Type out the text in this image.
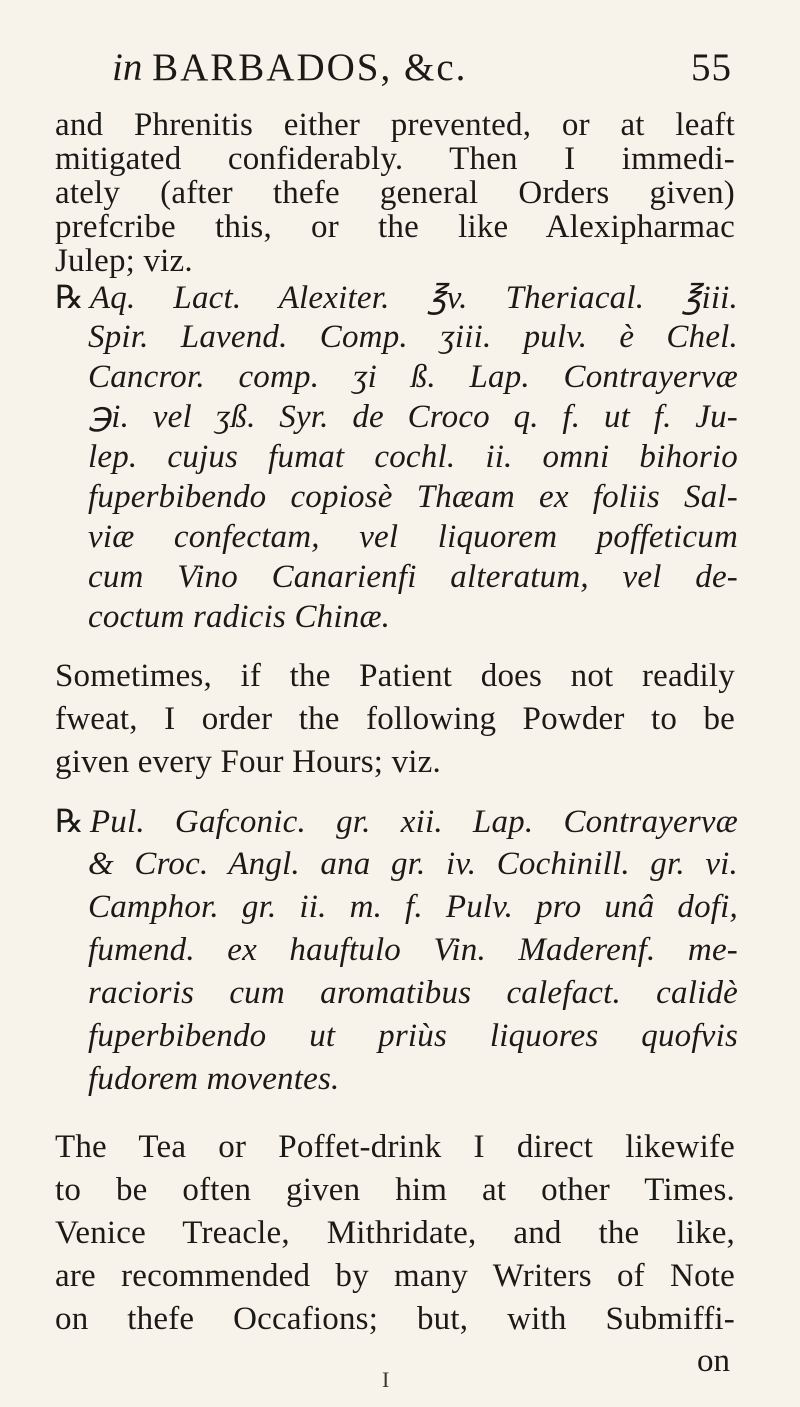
in BARBADOS, &c.	55
and Phrenitis either prevented, or at leaft
mitigated confiderably. Then I immedi-
ately (after thefe general Orders given)
prefcribe this, or the like Alexipharmac
Julep; viz.
℞ Aq. Lact. Alexiter. ℥v. Theriacal. ℥iii.
Spir. Lavend. Comp. ʒiii. pulv. è Chel.
Cancror. comp. ʒi ß. Lap. Contrayervæ
℈i. vel ʒß. Syr. de Croco q. f. ut f. Ju-
lep. cujus fumat cochl. ii. omni bihorio
fuperbibendo copiosè Thæam ex foliis Sal-
viæ confectam, vel liquorem poffeticum
cum Vino Canarienfi alteratum, vel de-
coctum radicis Chinæ.
Sometimes, if the Patient does not readily
fweat, I order the following Powder to be
given every Four Hours; viz.
℞ Pul. Gafconic. gr. xii. Lap. Contrayervæ
& Croc. Angl. ana gr. iv. Cochinill. gr. vi.
Camphor. gr. ii. m. f. Pulv. pro unâ dofi,
fumend. ex hauftulo Vin. Maderenf. me-
racioris cum aromatibus calefact. calidè
fuperbibendo ut priùs liquores quofvis
fudorem moventes.
on
I
The Tea or Poffet-drink I direct likewife
to be often given him at other Times.
Venice Treacle, Mithridate, and the like,
are recommended by many Writers of Note
on thefe Occafions; but, with Submiffi-
